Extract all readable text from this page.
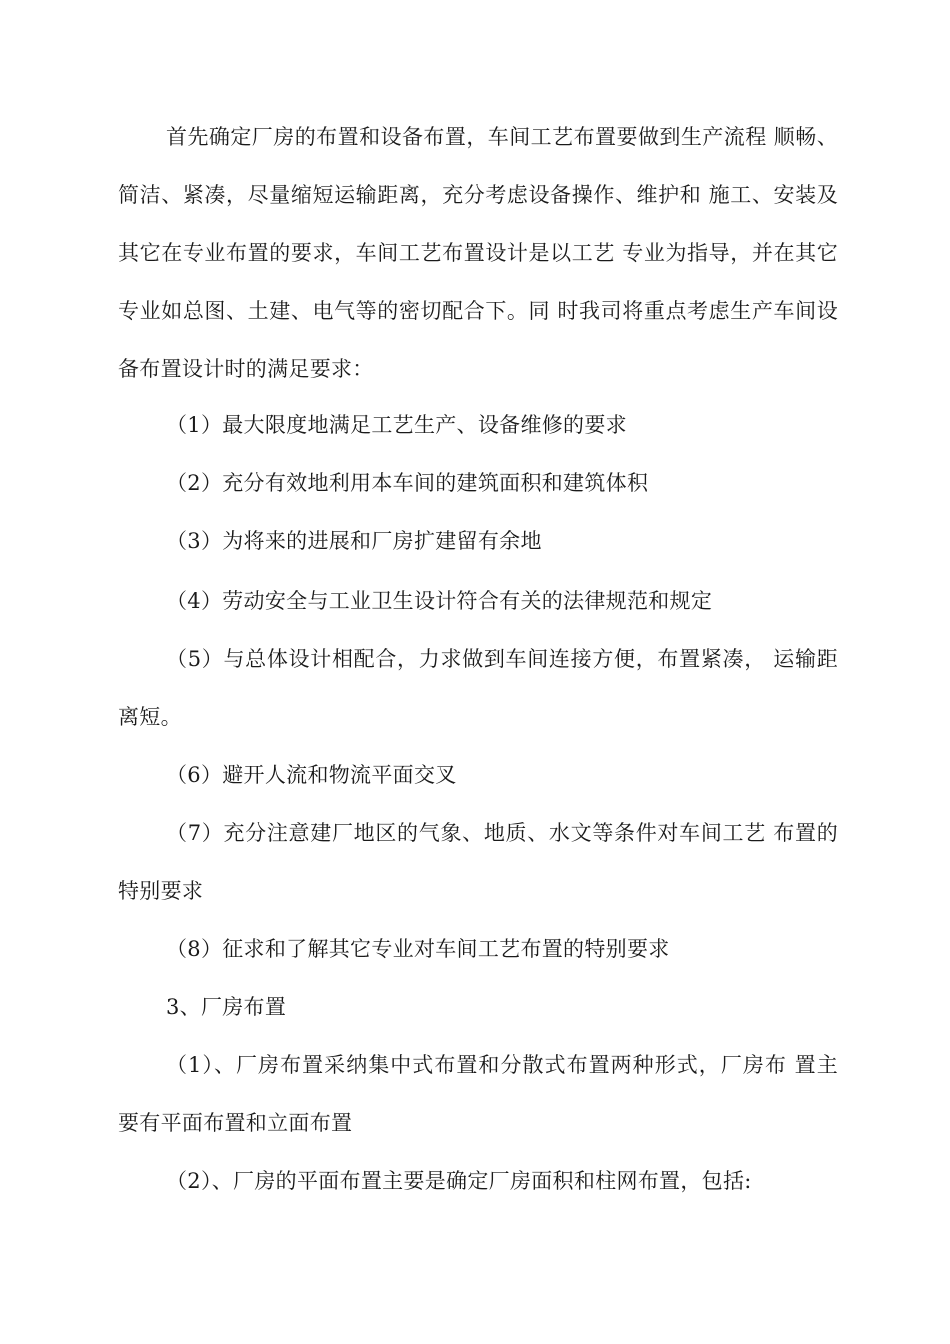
首先确定厂房的布置和设备布置，车间工艺布置要做到生产流程 顺畅、
简洁、紧凑，尽量缩短运输距离，充分考虑设备操作、维护和 施工、安装及
其它在专业布置的要求，车间工艺布置设计是以工艺 专业为指导，并在其它
专业如总图、土建、电气等的密切配合下。同 时我司将重点考虑生产车间设
备布置设计时的满足要求：
（1）最大限度地满足工艺生产、设备维修的要求
（2）充分有效地利用本车间的建筑面积和建筑体积
（3）为将来的进展和厂房扩建留有余地
（4）劳动安全与工业卫生设计符合有关的法律规范和规定
（5）与总体设计相配合，力求做到车间连接方便，布置紧凑， 运输距
离短。
（6）避开人流和物流平面交叉
（7）充分注意建厂地区的气象、地质、水文等条件对车间工艺 布置的
特别要求
（8）征求和了解其它专业对车间工艺布置的特别要求
3、厂房布置
（1）、厂房布置采纳集中式布置和分散式布置两种形式，厂房布 置主
要有平面布置和立面布置
（2）、厂房的平面布置主要是确定厂房面积和柱网布置，包括:
